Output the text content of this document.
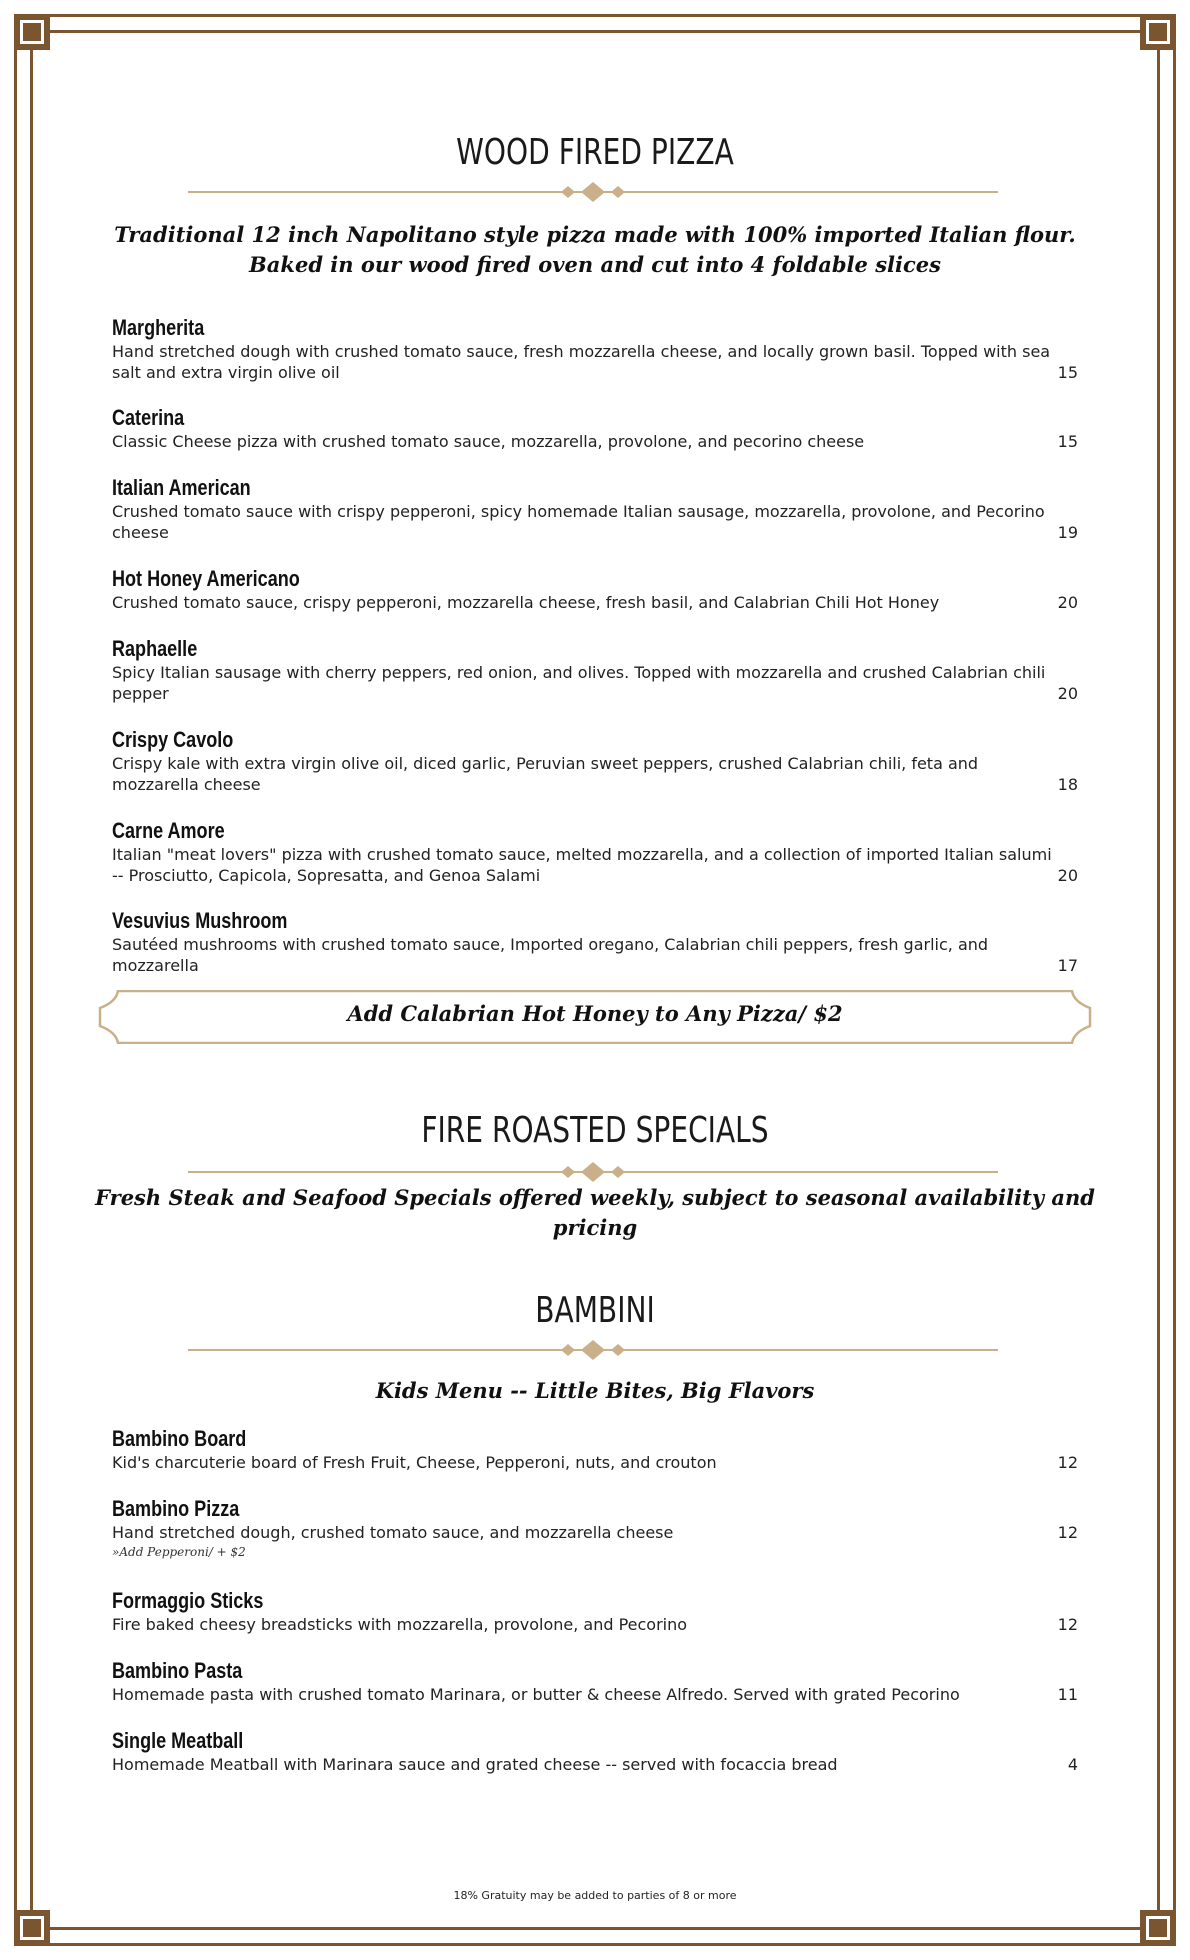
WOOD FIRED PIZZA
Traditional 12 inch Napolitano style pizza made with 100% imported Italian flour. Baked in our wood fired oven and cut into 4 foldable slices
Margherita
Hand stretched dough with crushed tomato sauce, fresh mozzarella cheese, and locally grown basil. Topped with sea salt and extra virgin olive oil	15
Caterina
Classic Cheese pizza with crushed tomato sauce, mozzarella, provolone, and pecorino cheese	15
Italian American
Crushed tomato sauce with crispy pepperoni, spicy homemade Italian sausage, mozzarella, provolone, and Pecorino cheese	19
Hot Honey Americano
Crushed tomato sauce, crispy pepperoni, mozzarella cheese, fresh basil, and Calabrian Chili Hot Honey	20
Raphaelle
Spicy Italian sausage with cherry peppers, red onion, and olives. Topped with mozzarella and crushed Calabrian chili pepper	20
Crispy Cavolo
Crispy kale with extra virgin olive oil, diced garlic, Peruvian sweet peppers, crushed Calabrian chili, feta and mozzarella cheese	18
Carne Amore
Italian "meat lovers" pizza with crushed tomato sauce, melted mozzarella, and a collection of imported Italian salumi -- Prosciutto, Capicola, Sopresatta, and Genoa Salami	20
Vesuvius Mushroom
Sautéed mushrooms with crushed tomato sauce, Imported oregano, Calabrian chili peppers, fresh garlic, and mozzarella	17
Add Calabrian Hot Honey to Any Pizza/ $2
FIRE ROASTED SPECIALS
Fresh Steak and Seafood Specials offered weekly, subject to seasonal availability and pricing
BAMBINI
Kids Menu -- Little Bites, Big Flavors
Bambino Board
Kid's charcuterie board of Fresh Fruit, Cheese, Pepperoni, nuts, and crouton	12
Bambino Pizza
Hand stretched dough, crushed tomato sauce, and mozzarella cheese	12
»Add Pepperoni/ + $2
Formaggio Sticks
Fire baked cheesy breadsticks with mozzarella, provolone, and Pecorino	12
Bambino Pasta
Homemade pasta with crushed tomato Marinara, or butter & cheese Alfredo. Served with grated Pecorino	11
Single Meatball
Homemade Meatball with Marinara sauce and grated cheese -- served with focaccia bread	4
18% Gratuity may be added to parties of 8 or more
